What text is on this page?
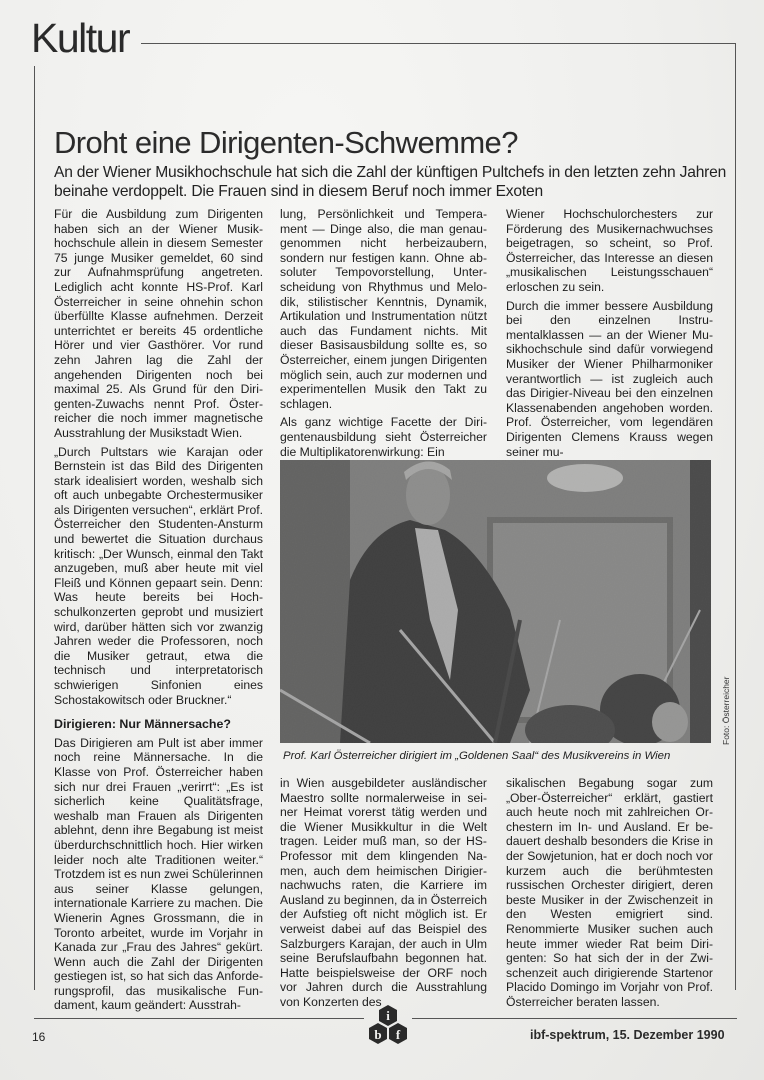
Kultur
Droht eine Dirigenten-Schwemme?
An der Wiener Musikhochschule hat sich die Zahl der künftigen Pultchefs in den letzten zehn Jahren beinahe verdoppelt. Die Frauen sind in diesem Beruf noch immer Exoten

Für die Ausbildung zum Dirigenten haben sich an der Wiener Musikhochschule allein in diesem Semester 75 junge Musiker gemeldet, 60 sind zur Aufnahmsprüfung angetreten. Lediglich acht konnte HS-Prof. Karl Österreicher in seine ohnehin schon überfüllte Klasse aufnehmen. Derzeit unterrichtet er bereits 45 ordentliche Hörer und vier Gasthörer. Vor rund zehn Jahren lag die Zahl der angehenden Dirigenten noch bei maximal 25. Als Grund für den Dirigenten-Zuwachs nennt Prof. Österreicher die noch immer magnetische Ausstrahlung der Musikstadt Wien.

„Durch Pultstars wie Karajan oder Bernstein ist das Bild des Dirigenten stark idealisiert worden, weshalb sich oft auch unbegabte Orchestermusiker als Dirigenten versuchen“, erklärt Prof. Österreicher den Studenten-Ansturm und bewertet die Situation durchaus kritisch: „Der Wunsch, einmal den Takt anzugeben, muß aber heute mit viel Fleiß und Können gepaart sein. Denn: Was heute bereits bei Hochschulkonzerten geprobt und musiziert wird, darüber hätten sich vor zwanzig Jahren weder die Professoren, noch die Musiker getraut, etwa die technisch und interpretatorisch schwierigen Sinfonien eines Schostakowitsch oder Bruckner.“

Dirigieren: Nur Männersache?

Das Dirigieren am Pult ist aber immer noch reine Männersache. In die Klasse von Prof. Österreicher haben sich nur drei Frauen „verirrt“: „Es ist sicherlich keine Qualitätsfrage, weshalb man Frauen als Dirigenten ablehnt, denn ihre Begabung ist meist überdurchschnittlich hoch. Hier wirken leider noch alte Traditionen weiter.“ Trotzdem ist es nun zwei Schülerinnen aus seiner Klasse gelungen, internationale Karriere zu machen. Die Wienerin Agnes Grossmann, die in Toronto arbeitet, wurde im Vorjahr in Kanada zur „Frau des Jahres“ gekürt. Wenn auch die Zahl der Dirigenten gestiegen ist, so hat sich das Anforderungsprofil, das musikalische Fundament, kaum geändert: Ausstrah-

lung, Persönlichkeit und Temperament — Dinge also, die man genaugenommen nicht herbeizaubern, sondern nur festigen kann. Ohne absoluter Tempovorstellung, Unterscheidung von Rhythmus und Melodik, stilistischer Kenntnis, Dynamik, Artikulation und Instrumentation nützt auch das Fundament nichts. Mit dieser Basisausbildung sollte es, so Österreicher, einem jungen Dirigenten möglich sein, auch zur modernen und experimentellen Musik den Takt zu schlagen.

Als ganz wichtige Facette der Dirigentenausbildung sieht Österreicher die Multiplikatorenwirkung: Ein

Wiener Hochschulorchesters zur Förderung des Musikernachwuchses beigetragen, so scheint, so Prof. Österreicher, das Interesse an diesen „musikalischen Leistungsschauen“ erloschen zu sein.

Durch die immer bessere Ausbildung bei den einzelnen Instrumentalklassen — an der Wiener Musikhochschule sind dafür vorwiegend Musiker der Wiener Philharmoniker verantwortlich — ist zugleich auch das Dirigier-Niveau bei den einzelnen Klassenabenden angehoben worden. Prof. Österreicher, vom legendären Dirigenten Clemens Krauss wegen seiner mu-

Prof. Karl Österreicher dirigiert im „Goldenen Saal“ des Musikvereins in Wien
Foto: Österreicher

in Wien ausgebildeter ausländischer Maestro sollte normalerweise in seiner Heimat vorerst tätig werden und die Wiener Musikkultur in die Welt tragen. Leider muß man, so der HS-Professor mit dem klingenden Namen, auch dem heimischen Dirigiernachwuchs raten, die Karriere im Ausland zu beginnen, da in Österreich der Aufstieg oft nicht möglich ist. Er verweist dabei auf das Beispiel des Salzburgers Karajan, der auch in Ulm seine Berufslaufbahn begonnen hat. Hatte beispielsweise der ORF noch vor Jahren durch die Ausstrahlung von Konzerten des

sikalischen Begabung sogar zum „Ober-Österreicher“ erklärt, gastiert auch heute noch mit zahlreichen Orchestern im In- und Ausland. Er bedauert deshalb besonders die Krise in der Sowjetunion, hat er doch noch vor kurzem auch die berühmtesten russischen Orchester dirigiert, deren beste Musiker in der Zwischenzeit in den Westen emigriert sind. Renommierte Musiker suchen auch heute immer wieder Rat beim Dirigenten: So hat sich der in der Zwischenzeit auch dirigierende Startenor Placido Domingo im Vorjahr von Prof. Österreicher beraten lassen.

16
i
b f	ibf-spektrum, 15. Dezember 1990
